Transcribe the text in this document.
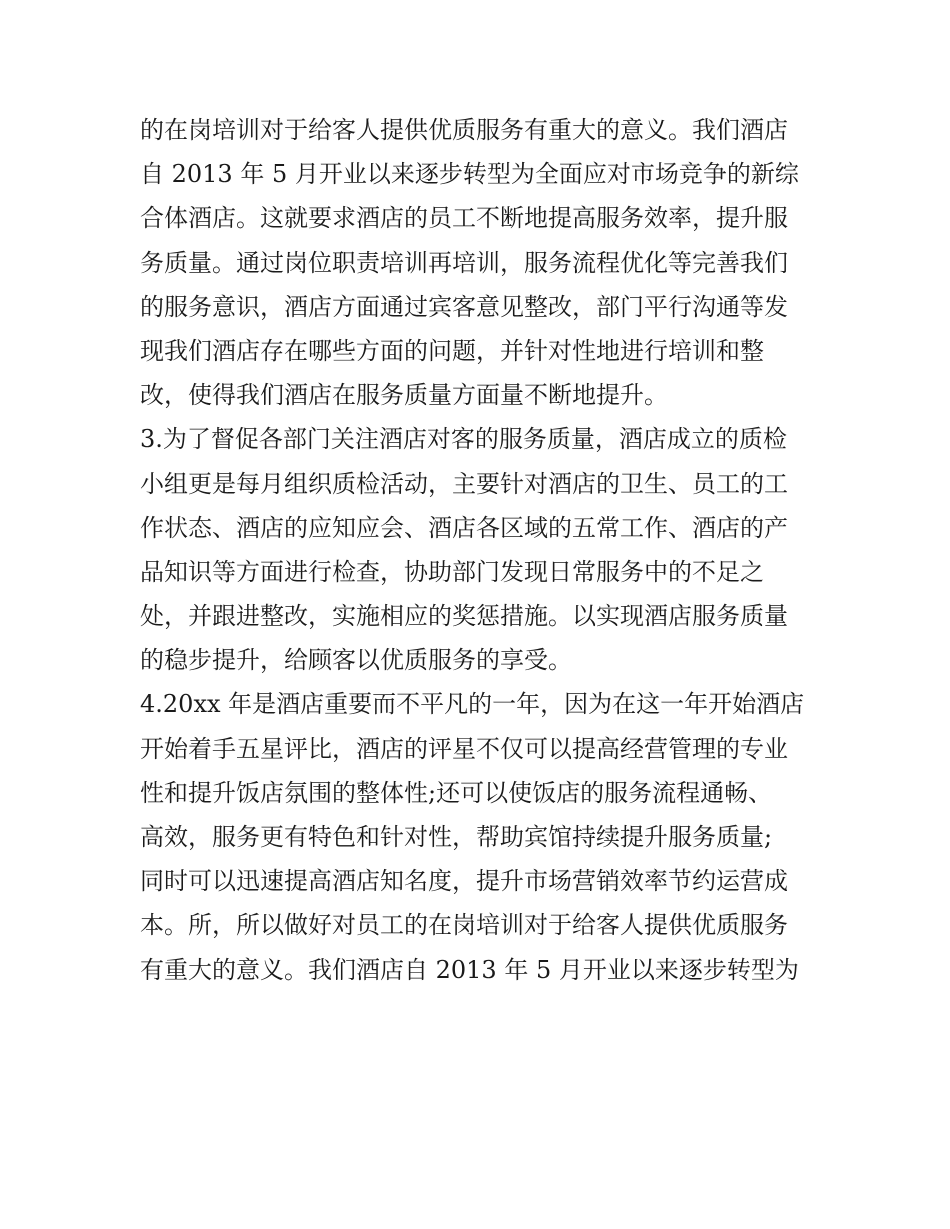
的在岗培训对于给客人提供优质服务有重大的意义。我们酒店
自 2013 年 5 月开业以来逐步转型为全面应对市场竞争的新综
合体酒店。这就要求酒店的员工不断地提高服务效率，提升服
务质量。通过岗位职责培训再培训，服务流程优化等完善我们
的服务意识，酒店方面通过宾客意见整改，部门平行沟通等发
现我们酒店存在哪些方面的问题，并针对性地进行培训和整
改，使得我们酒店在服务质量方面量不断地提升。
3.为了督促各部门关注酒店对客的服务质量，酒店成立的质检
小组更是每月组织质检活动，主要针对酒店的卫生、员工的工
作状态、酒店的应知应会、酒店各区域的五常工作、酒店的产
品知识等方面进行检查，协助部门发现日常服务中的不足之
处，并跟进整改，实施相应的奖惩措施。以实现酒店服务质量
的稳步提升，给顾客以优质服务的享受。
4.20xx 年是酒店重要而不平凡的一年，因为在这一年开始酒店
开始着手五星评比，酒店的评星不仅可以提高经营管理的专业
性和提升饭店氛围的整体性;还可以使饭店的服务流程通畅、
高效，服务更有特色和针对性，帮助宾馆持续提升服务质量;
同时可以迅速提高酒店知名度，提升市场营销效率节约运营成
本。所，所以做好对员工的在岗培训对于给客人提供优质服务
有重大的意义。我们酒店自 2013 年 5 月开业以来逐步转型为
